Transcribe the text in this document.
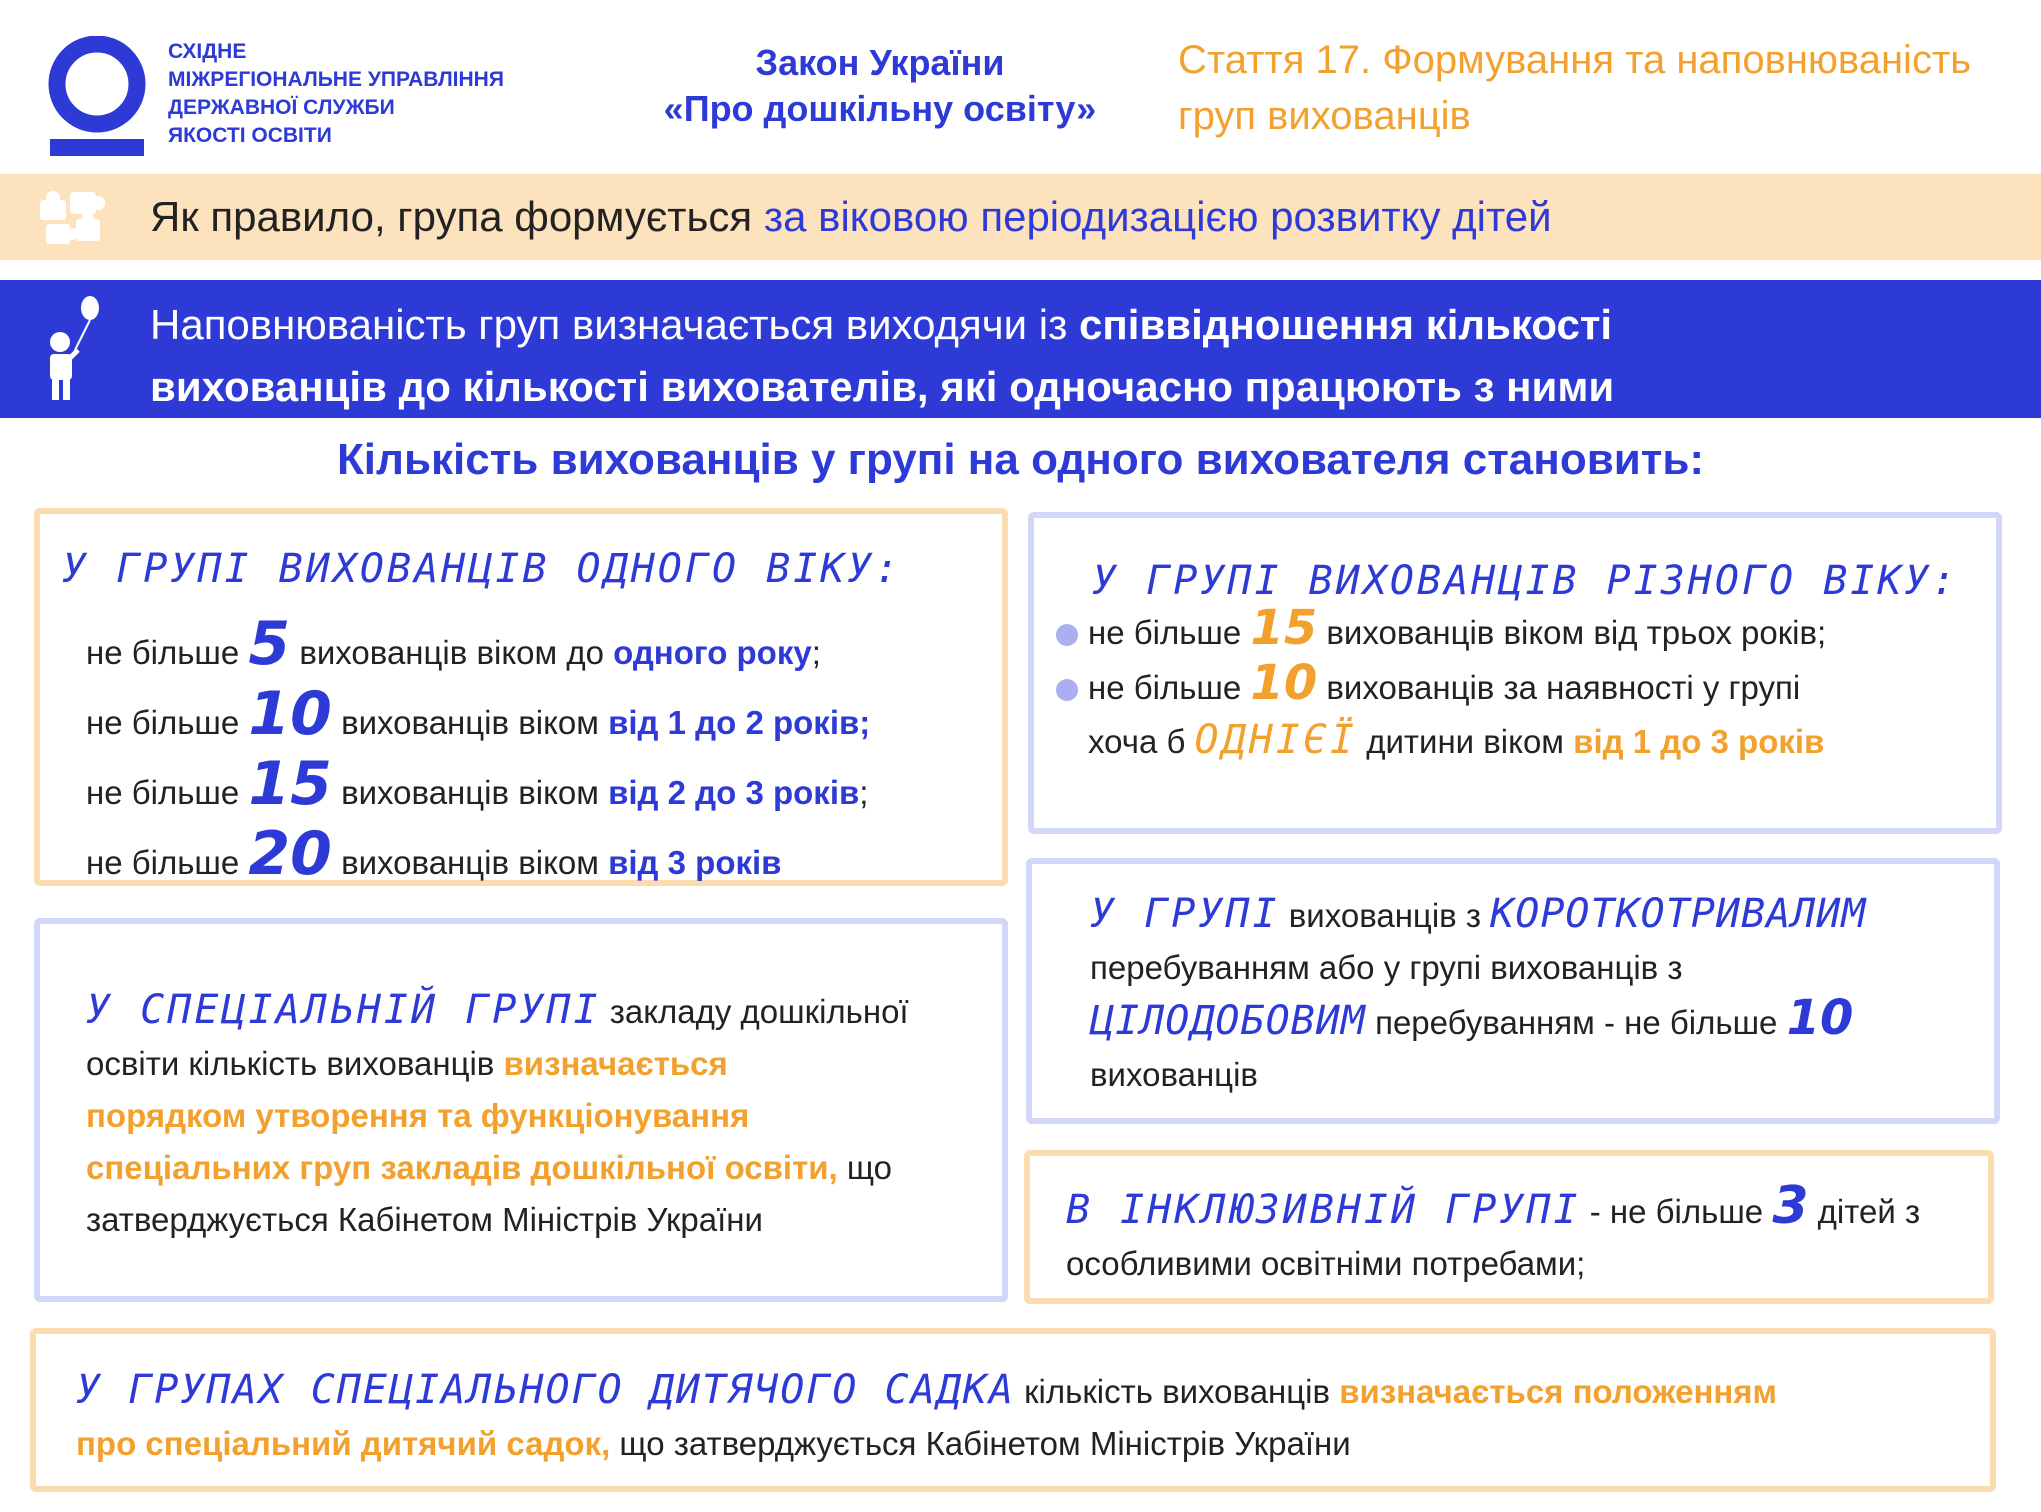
СХІДНЕ
МІЖРЕГІОНАЛЬНЕ УПРАВЛІННЯ
ДЕРЖАВНОЇ СЛУЖБИ
ЯКОСТІ ОСВІТИ
Закон України
«Про дошкільну освіту»
Стаття 17. Формування та наповнюваність
груп вихованців
Як правило, група формується за віковою періодизацією розвитку дітей
Наповнюваність груп визначається виходячи із співвідношення кількості
вихованців до кількості вихователів, які одночасно працюють з ними
Кількість вихованців у групі на одного вихователя становить:
У ГРУПІ ВИХОВАНЦІВ ОДНОГО ВІКУ:
не більше 5 вихованців віком до одного року;
не більше 10 вихованців віком від 1 до 2 років;
не більше 15 вихованців віком від 2 до 3 років;
не більше 20 вихованців віком від 3 років
У ГРУПІ ВИХОВАНЦІВ РІЗНОГО ВІКУ:
не більше 15 вихованців віком від трьох років;
не більше 10 вихованців за наявності у групі
хоча б ОДНІЄЇ дитини віком від 1 до 3 років
У ГРУПІ вихованців з КОРОТКОТРИВАЛИМ
перебуванням або у групі вихованців з
ЦІЛОДОБОВИМ перебуванням - не більше 10
вихованців
У СПЕЦІАЛЬНІЙ ГРУПІ закладу дошкільної
освіти кількість вихованців визначається
порядком утворення та функціонування
спеціальних груп закладів дошкільної освіти, що
затверджується Кабінетом Міністрів України	В ІНКЛЮЗИВНІЙ ГРУПІ - не більше 3 дітей з
особливими освітніми потребами;
У ГРУПАХ СПЕЦІАЛЬНОГО ДИТЯЧОГО САДКА кількість вихованців визначається положенням
про спеціальний дитячий садок, що затверджується Кабінетом Міністрів України
